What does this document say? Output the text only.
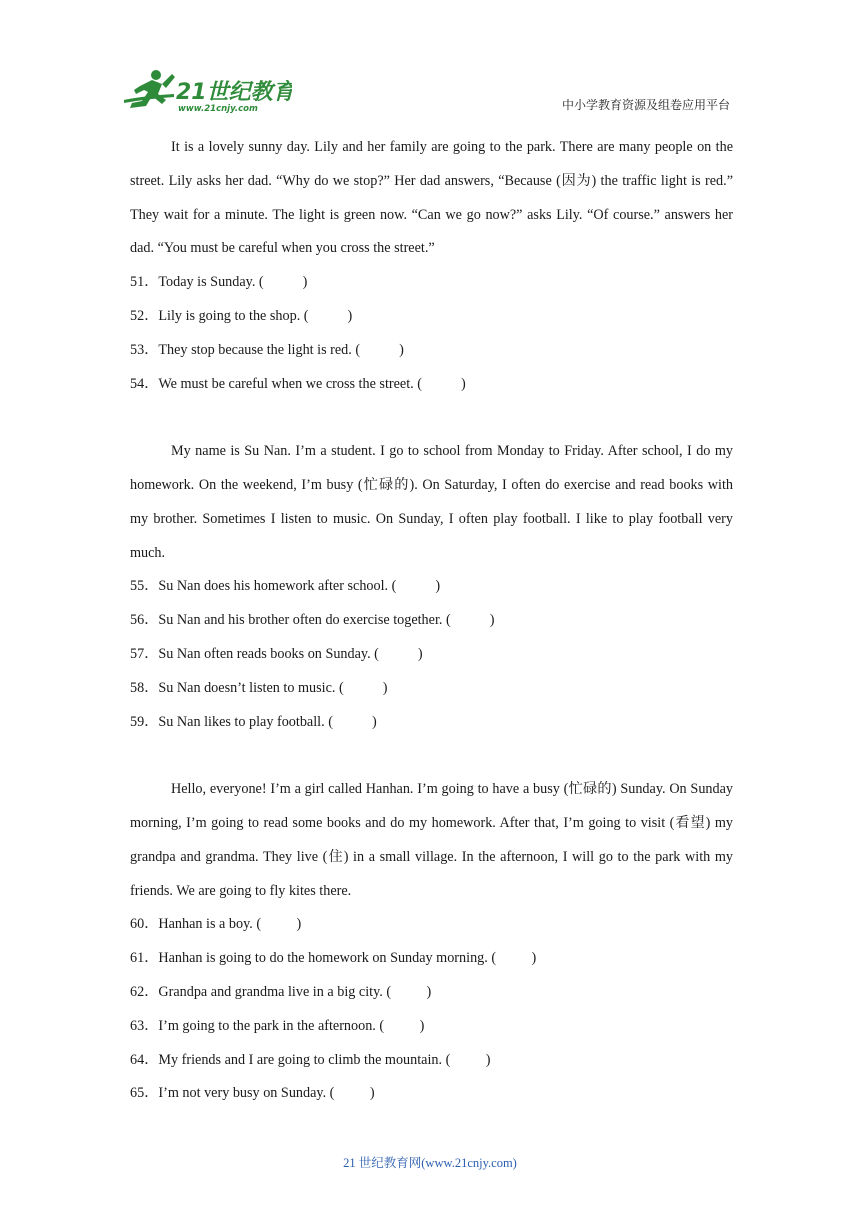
21世纪教育
www.21cnjy.com	中小学教育资源及组卷应用平台

It is a lovely sunny day. Lily and her family are going to the park. There are many people on the street. Lily asks her dad. “Why do we stop?” Her dad answers, “Because (因为) the traffic light is red.” They wait for a minute. The light is green now. “Can we go now?” asks Lily. “Of course.” answers her dad. “You must be careful when you cross the street.”

51．Today is Sunday. (           )

52．Lily is going to the shop. (           )

53．They stop because the light is red. (           )

54．We must be careful when we cross the street. (           )

My name is Su Nan. I’m a student. I go to school from Monday to Friday. After school, I do my homework. On the weekend, I’m busy (忙碌的). On Saturday, I often do exercise and read books with my brother. Sometimes I listen to music. On Sunday, I often play football. I like to play football very much.

55．Su Nan does his homework after school. (           )

56．Su Nan and his brother often do exercise together. (           )

57．Su Nan often reads books on Sunday. (           )

58．Su Nan doesn’t listen to music. (           )

59．Su Nan likes to play football. (           )

Hello, everyone! I’m a girl called Hanhan. I’m going to have a busy (忙碌的) Sunday. On Sunday morning, I’m going to read some books and do my homework. After that, I’m going to visit (看望) my grandpa and grandma. They live (住) in a small village. In the afternoon, I will go to the park with my friends. We are going to fly kites there.

60．Hanhan is a boy. (          )

61．Hanhan is going to do the homework on Sunday morning. (          )

62．Grandpa and grandma live in a big city. (          )

63．I’m going to the park in the afternoon. (          )

64．My friends and I are going to climb the mountain. (          )

65．I’m not very busy on Sunday. (          )

21 世纪教育网(www.21cnjy.com)
